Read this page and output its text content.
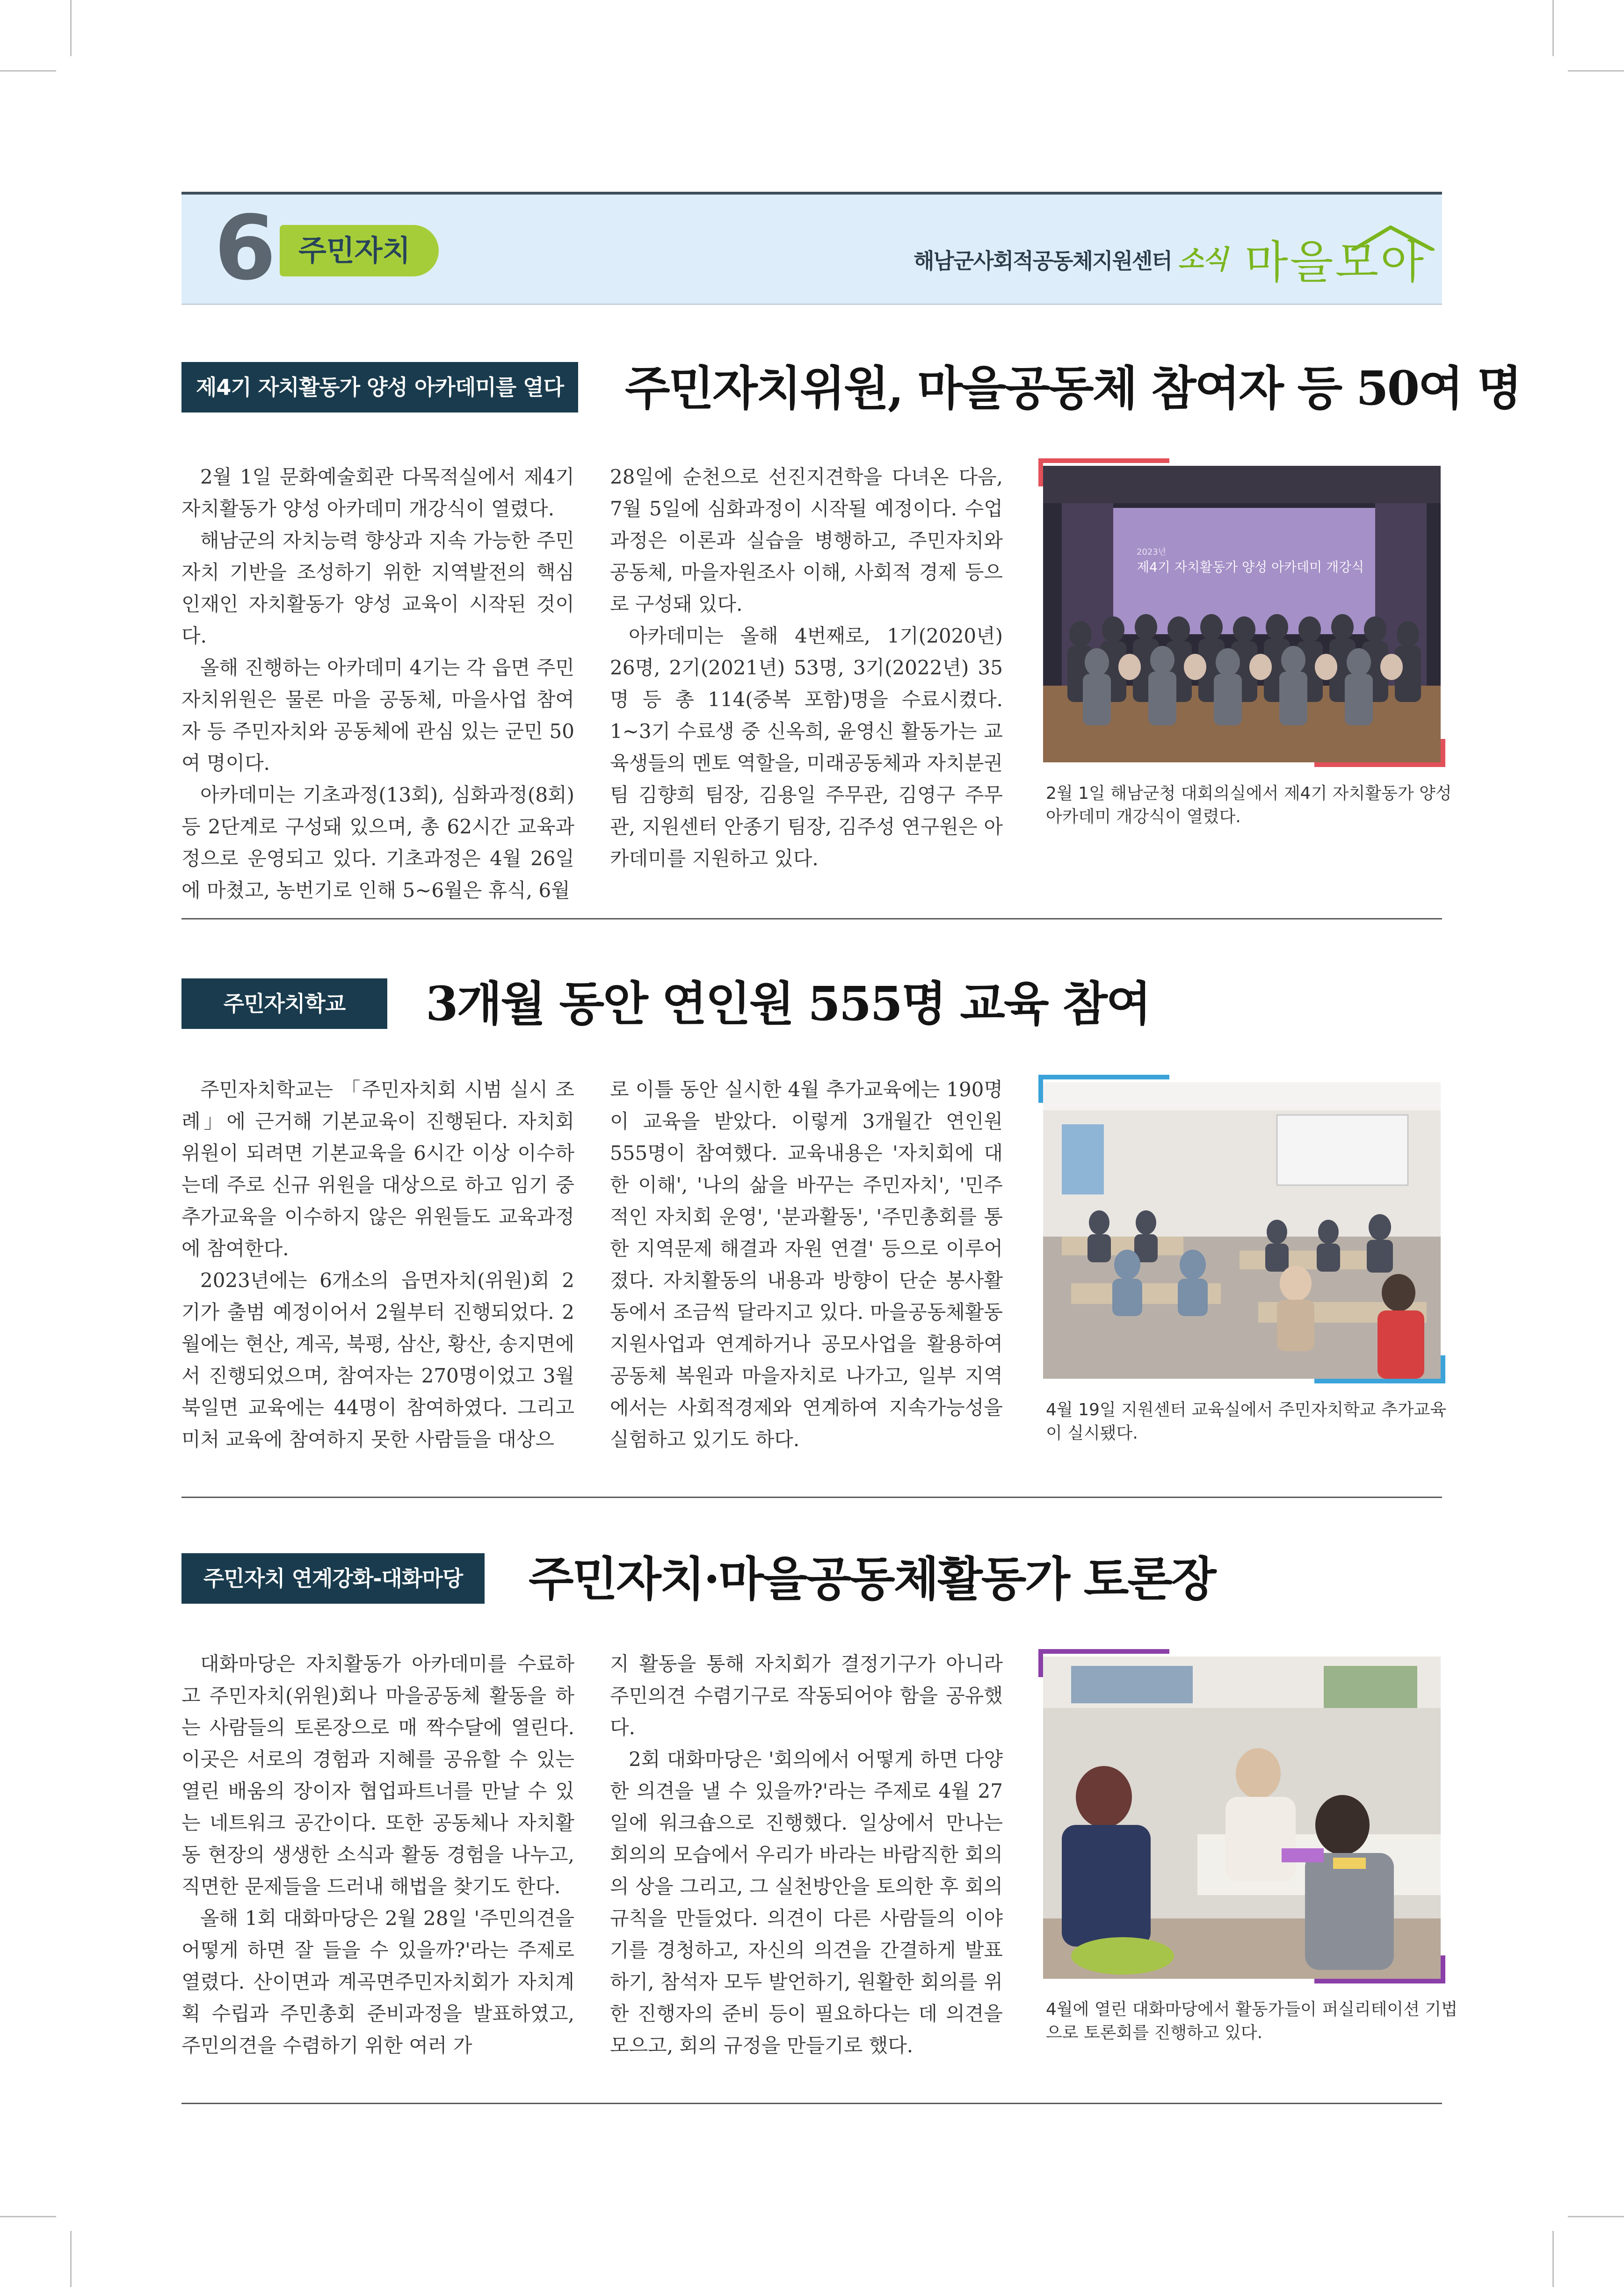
6 주민자치	해남군사회적공동체지원센터 소식 마을모아
제4기 자치활동가 양성 아카데미를 열다	주민자치위원, 마을공동체 참여자 등 50여 명

2월 1일 문화예술회관 다목적실에서 제4기 자치활동가 양성 아카데미 개강식이 열렸다.

해남군의 자치능력 향상과 지속 가능한 주민자치 기반을 조성하기 위한 지역발전의 핵심 인재인 자치활동가 양성 교육이 시작된 것이다.

올해 진행하는 아카데미 4기는 각 읍면 주민자치위원은 물론 마을 공동체, 마을사업 참여자 등 주민자치와 공동체에 관심 있는 군민 50여 명이다.

아카데미는 기초과정(13회), 심화과정(8회) 등 2단계로 구성돼 있으며, 총 62시간 교육과정으로 운영되고 있다. 기초과정은 4월 26일에 마쳤고, 농번기로 인해 5~6월은 휴식, 6월

28일에 순천으로 선진지견학을 다녀온 다음, 7월 5일에 심화과정이 시작될 예정이다. 수업 과정은 이론과 실습을 병행하고, 주민자치와 공동체, 마을자원조사 이해, 사회적 경제 등으로 구성돼 있다.

아카데미는 올해 4번째로, 1기(2020년) 26명, 2기(2021년) 53명, 3기(2022년) 35명 등 총 114(중복 포함)명을 수료시켰다. 1~3기 수료생 중 신옥희, 윤영신 활동가는 교육생들의 멘토 역할을, 미래공동체과 자치분권팀 김향희 팀장, 김용일 주무관, 김영구 주무관, 지원센터 안종기 팀장, 김주성 연구원은 아카데미를 지원하고 있다.

2023년
제4기 자치활동가 양성 아카데미 개강식
2월 1일 해남군청 대회의실에서 제4기 자치활동가 양성 아카데미 개강식이 열렸다.
주민자치학교	3개월 동안 연인원 555명 교육 참여

주민자치학교는 「주민자치회 시범 실시 조례」에 근거해 기본교육이 진행된다. 자치회 위원이 되려면 기본교육을 6시간 이상 이수하는데 주로 신규 위원을 대상으로 하고 임기 중 추가교육을 이수하지 않은 위원들도 교육과정에 참여한다.

2023년에는 6개소의 읍면자치(위원)회 2기가 출범 예정이어서 2월부터 진행되었다. 2월에는 현산, 계곡, 북평, 삼산, 황산, 송지면에서 진행되었으며, 참여자는 270명이었고 3월 북일면 교육에는 44명이 참여하였다. 그리고 미처 교육에 참여하지 못한 사람들을 대상으

로 이틀 동안 실시한 4월 추가교육에는 190명이 교육을 받았다. 이렇게 3개월간 연인원 555명이 참여했다. 교육내용은 '자치회에 대한 이해', '나의 삶을 바꾸는 주민자치', '민주적인 자치회 운영', '분과활동', '주민총회를 통한 지역문제 해결과 자원 연결' 등으로 이루어졌다. 자치활동의 내용과 방향이 단순 봉사활동에서 조금씩 달라지고 있다. 마을공동체활동지원사업과 연계하거나 공모사업을 활용하여 공동체 복원과 마을자치로 나가고, 일부 지역에서는 사회적경제와 연계하여 지속가능성을 실험하고 있기도 하다.

4월 19일 지원센터 교육실에서 주민자치학교 추가교육이 실시됐다.
주민자치 연계강화-대화마당	주민자치·마을공동체활동가 토론장

대화마당은 자치활동가 아카데미를 수료하고 주민자치(위원)회나 마을공동체 활동을 하는 사람들의 토론장으로 매 짝수달에 열린다. 이곳은 서로의 경험과 지혜를 공유할 수 있는 열린 배움의 장이자 협업파트너를 만날 수 있는 네트워크 공간이다. 또한 공동체나 자치활동 현장의 생생한 소식과 활동 경험을 나누고, 직면한 문제들을 드러내 해법을 찾기도 한다.

올해 1회 대화마당은 2월 28일 '주민의견을 어떻게 하면 잘 들을 수 있을까?'라는 주제로 열렸다. 산이면과 계곡면주민자치회가 자치계획 수립과 주민총회 준비과정을 발표하였고, 주민의견을 수렴하기 위한 여러 가

지 활동을 통해 자치회가 결정기구가 아니라 주민의견 수렴기구로 작동되어야 함을 공유했다.

2회 대화마당은 '회의에서 어떻게 하면 다양한 의견을 낼 수 있을까?'라는 주제로 4월 27일에 워크숍으로 진행했다. 일상에서 만나는 회의의 모습에서 우리가 바라는 바람직한 회의의 상을 그리고, 그 실천방안을 토의한 후 회의 규칙을 만들었다. 의견이 다른 사람들의 이야기를 경청하고, 자신의 의견을 간결하게 발표하기, 참석자 모두 발언하기, 원활한 회의를 위한 진행자의 준비 등이 필요하다는 데 의견을 모으고, 회의 규정을 만들기로 했다.

4월에 열린 대화마당에서 활동가들이 퍼실리테이션 기법으로 토론회를 진행하고 있다.
